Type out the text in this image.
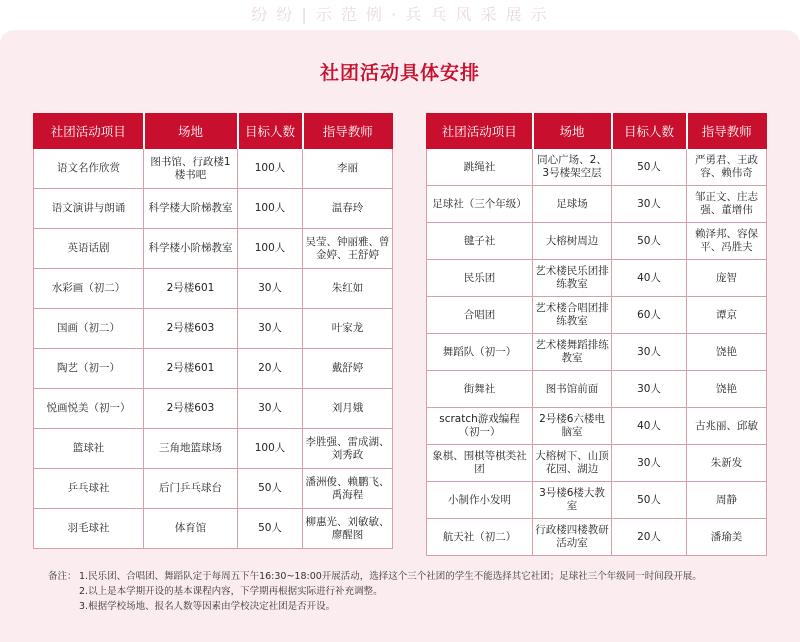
纷 纷 | 示 范 例 · 兵 乓 风 采 展 示
社团活动具体安排
社团活动项目	场地	目标人数	指导教师
语文名作欣赏	图书馆、行政楼1楼书吧	100人	李丽
语文演讲与朗诵	科学楼大阶梯教室	100人	温春玲
英语话剧	科学楼小阶梯教室	100人	吴莹、钟丽雅、曾金婷、王舒婷
水彩画（初二）	2号楼601	30人	朱红如
国画（初二）	2号楼603	30人	叶家龙
陶艺（初一）	2号楼601	20人	戴舒婷
悦画悦美（初一）	2号楼603	30人	刘月娥
篮球社	三角地篮球场	100人	李胜强、雷成湖、刘秀政
乒乓球社	后门乒乓球台	50人	潘洲俊、赖鹏飞、禹海程
羽毛球社	体育馆	50人	柳惠光、刘敏敏、廖醒图
社团活动项目	场地	目标人数	指导教师
跳绳社	同心广场、2、3号楼架空层	50人	严勇君、王政容、赖伟奇
足球社（三个年级）	足球场	30人	邹正文、庄志强、董增伟
毽子社	大榕树周边	50人	赖泽邦、容保平、冯胜夫
民乐团	艺术楼民乐团排练教室	40人	庞智
合唱团	艺术楼合唱团排练教室	60人	谭京
舞蹈队（初一）	艺术楼舞蹈排练教室	30人	饶艳
街舞社	图书馆前面	30人	饶艳
scratch游戏编程（初一）	2号楼6六楼电脑室	40人	古兆丽、邱敏
象棋、围棋等棋类社团	大榕树下、山顶花园、湖边	30人	朱新发
小制作小发明	3号楼6楼大教室	50人	周静
航天社（初二）	行政楼四楼教研活动室	20人	潘瑜美
备注： 1.民乐团、合唱团、舞蹈队定于每周五下午16:30~18:00开展活动，选择这个三个社团的学生不能选择其它社团；足球社三个年级同一时间段开展。
2.以上是本学期开设的基本课程内容，下学期再根据实际进行补充调整。
3.根据学校场地、报名人数等因素由学校决定社团是否开设。
